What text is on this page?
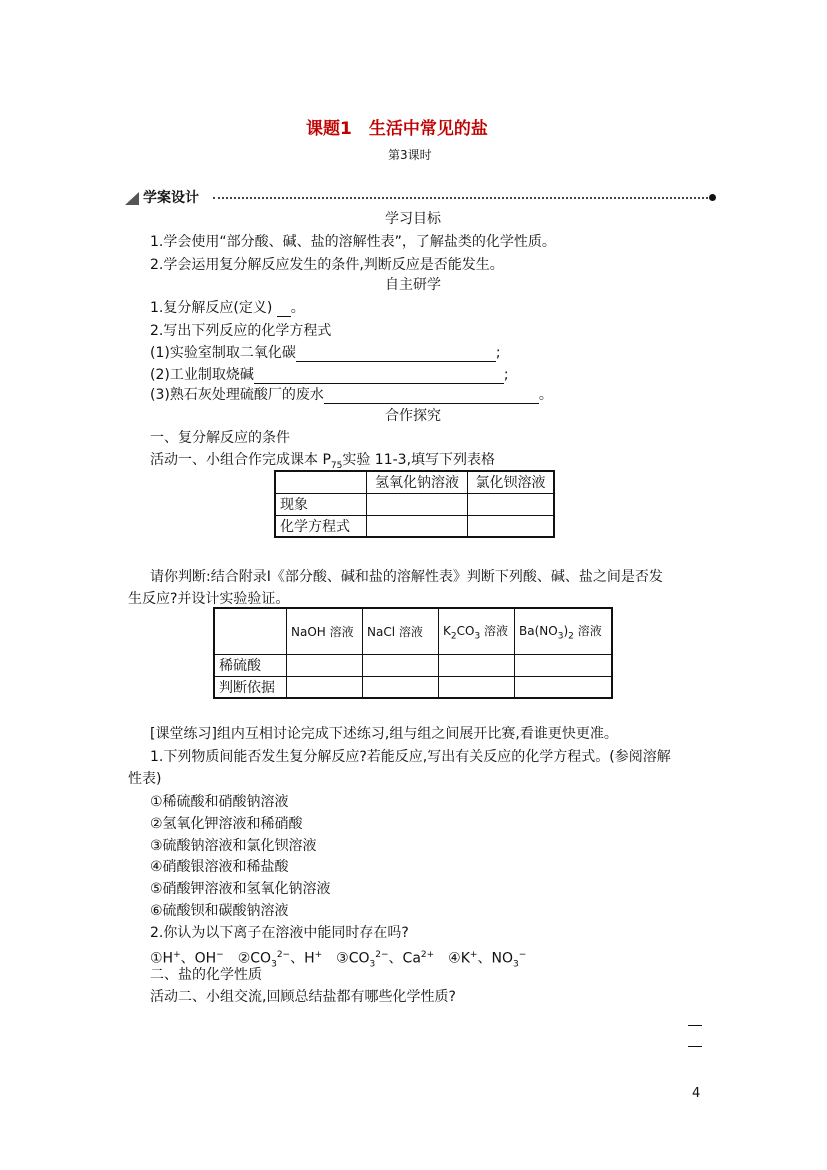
课题1　生活中常见的盐
第3课时
学案设计
学习目标
1.学会使用“部分酸、碱、盐的溶解性表”，了解盐类的化学性质。
2.学会运用复分解反应发生的条件,判断反应是否能发生。
自主研学
1.复分解反应(定义) 。
2.写出下列反应的化学方程式
(1)实验室制取二氧化碳	;
(2)工业制取烧碱	;
(3)熟石灰处理硫酸厂的废水	。
合作探究
一、复分解反应的条件
活动一、小组合作完成课本 $P_{75}$实验 11-3,填写下列表格
	氢氧化钠溶液	氯化钡溶液
现象		
化学方程式		
请你判断:结合附录Ⅰ《部分酸、碱和盐的溶解性表》判断下列酸、碱、盐之间是否发
生反应?并设计实验验证。
	NaOH 溶液	NaCl 溶液	$K_2CO_3$ 溶液	$Ba(NO_3)_2$ 溶液
稀硫酸				
判断依据				
[课堂练习]组内互相讨论完成下述练习,组与组之间展开比赛,看谁更快更准。
1.下列物质间能否发生复分解反应?若能反应,写出有关反应的化学方程式。(参阅溶解
性表)
①稀硫酸和硝酸钠溶液
②氢氧化钾溶液和稀硝酸
③硫酸钠溶液和氯化钡溶液
④硝酸银溶液和稀盐酸
⑤硝酸钾溶液和氢氧化钠溶液
⑥硫酸钡和碳酸钠溶液
2.你认为以下离子在溶液中能同时存在吗?
①H+、OH−　$②CO_3^{2-}$、H+　$③CO_3^{2-}$、$Ca^{2+}$　④K+、$NO_3^-$
二、盐的化学性质
活动二、小组交流,回顾总结盐都有哪些化学性质?
4
